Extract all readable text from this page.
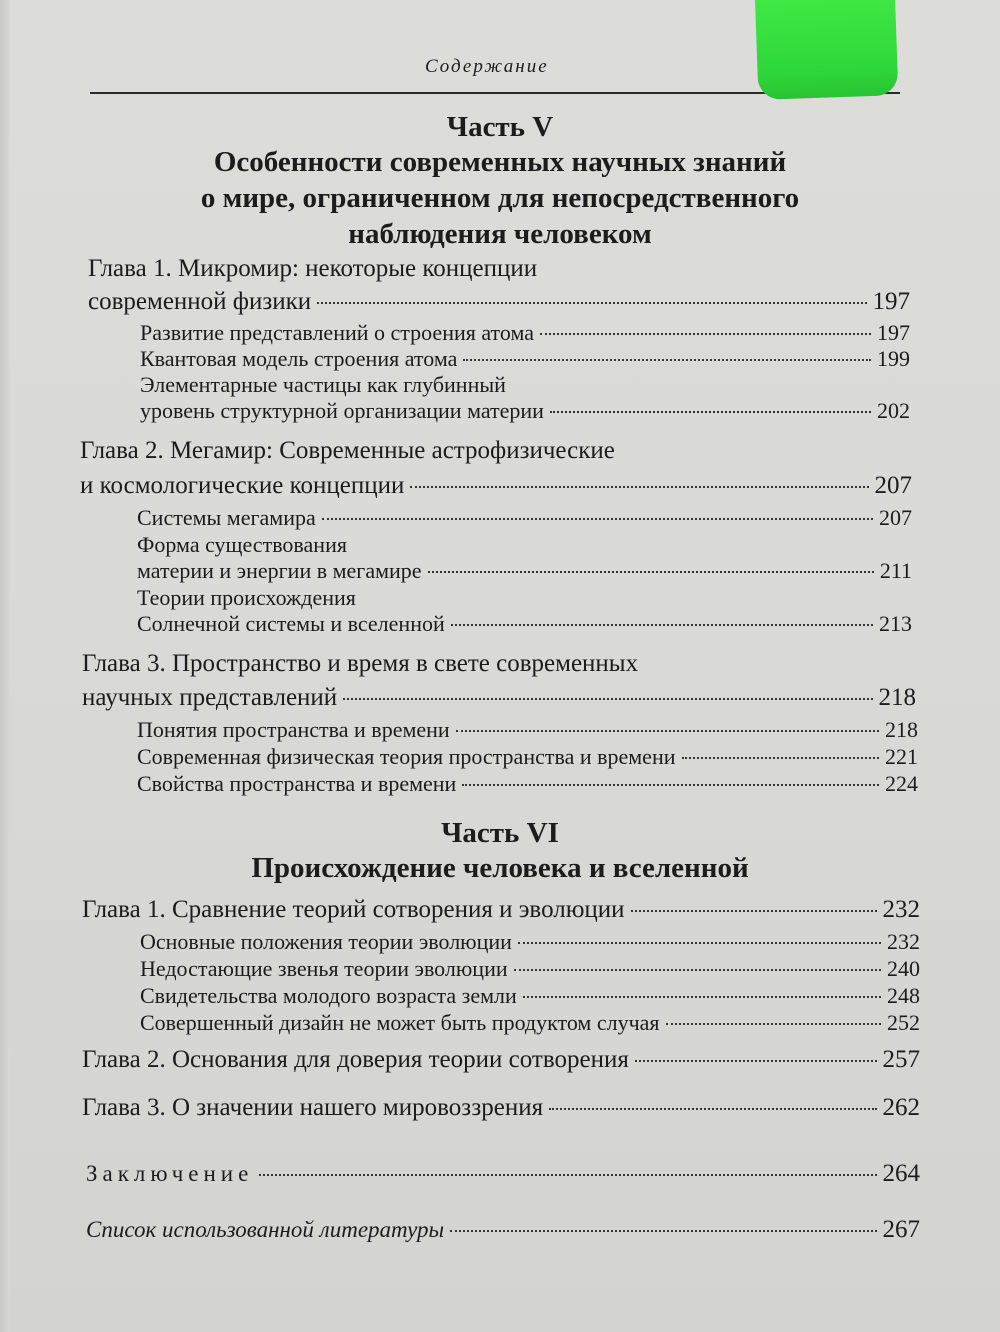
Содержание
Часть V
Особенности современных научных знаний
о мире, ограниченном для непосредственного
наблюдения человеком
Глава 1. Микромир: некоторые концепции
современной физики	197
Развитие представлений о строения атома	197
Квантовая модель строения атома	199
Элементарные частицы как глубинный
уровень структурной организации материи	202
Глава 2. Мегамир: Современные астрофизические
и космологические концепции	207
Системы мегамира	207
Форма существования
материи и энергии в мегамире	211
Теории происхождения
Солнечной системы и вселенной	213
Глава 3. Пространство и время в свете современных
научных представлений	218
Понятия пространства и времени	218
Современная физическая теория пространства и времени	221
Свойства пространства и времени	224
Часть VI
Происхождение человека и вселенной
Глава 1. Сравнение теорий сотворения и эволюции	232
Основные положения теории эволюции	232
Недостающие звенья теории эволюции	240
Свидетельства молодого возраста земли	248
Совершенный дизайн не может быть продуктом случая	252
Глава 2. Основания для доверия теории сотворения	257
Глава 3. О значении нашего мировоззрения	262
Заключение	264
Список использованной литературы	267
